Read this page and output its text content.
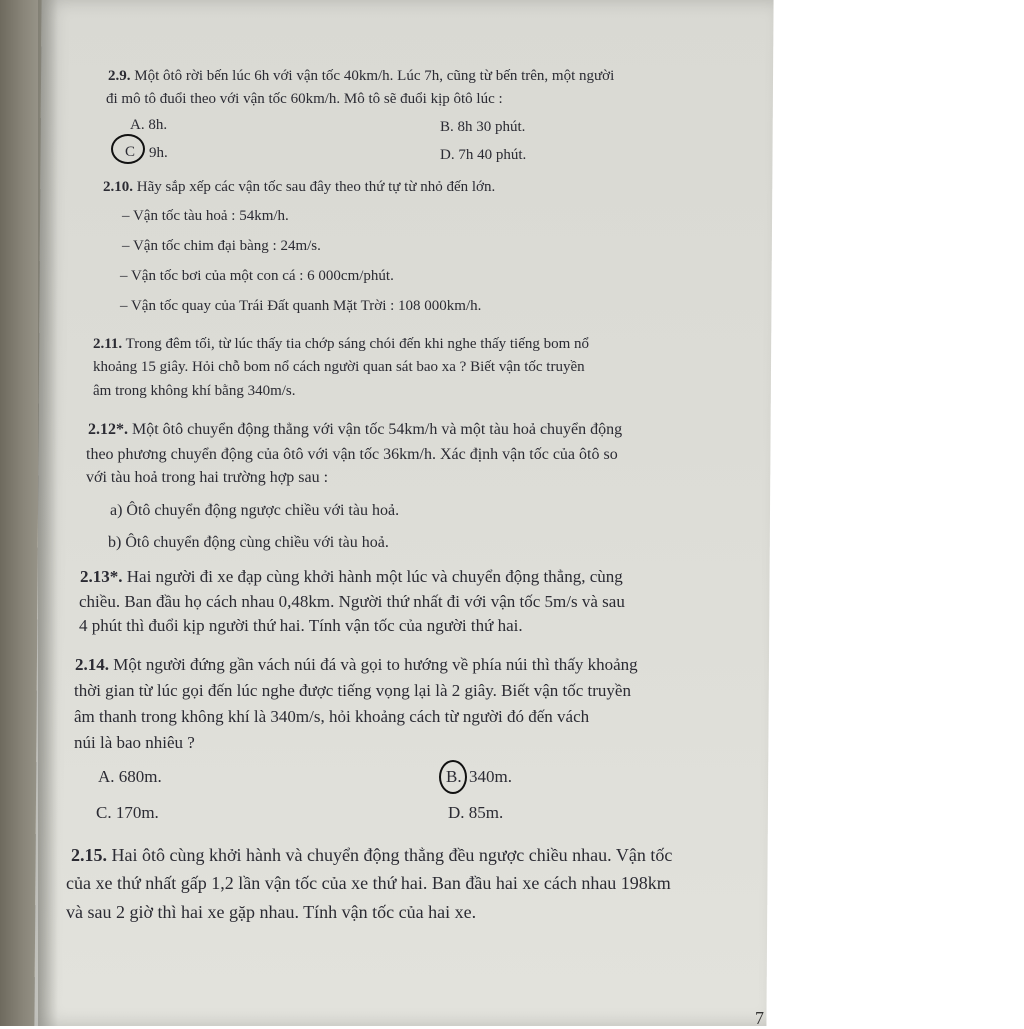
2.9. Một ôtô rời bến lúc 6h với vận tốc 40km/h. Lúc 7h, cũng từ bến trên, một người
đi mô tô đuổi theo với vận tốc 60km/h. Mô tô sẽ đuổi kịp ôtô lúc :
A. 8h.	B. 8h 30 phút.
C 9h.	D. 7h 40 phút.
2.10. Hãy sắp xếp các vận tốc sau đây theo thứ tự từ nhỏ đến lớn.
– Vận tốc tàu hoả : 54km/h.
– Vận tốc chim đại bàng : 24m/s.
– Vận tốc bơi của một con cá : 6 000cm/phút.
– Vận tốc quay của Trái Đất quanh Mặt Trời : 108 000km/h.
2.11. Trong đêm tối, từ lúc thấy tia chớp sáng chói đến khi nghe thấy tiếng bom nổ
khoảng 15 giây. Hỏi chỗ bom nổ cách người quan sát bao xa ? Biết vận tốc truyền
âm trong không khí bằng 340m/s.
2.12*. Một ôtô chuyển động thẳng với vận tốc 54km/h và một tàu hoả chuyển động
theo phương chuyển động của ôtô với vận tốc 36km/h. Xác định vận tốc của ôtô so
với tàu hoả trong hai trường hợp sau :
a) Ôtô chuyển động ngược chiều với tàu hoả.
b) Ôtô chuyển động cùng chiều với tàu hoả.
2.13*. Hai người đi xe đạp cùng khởi hành một lúc và chuyển động thẳng, cùng
chiều. Ban đầu họ cách nhau 0,48km. Người thứ nhất đi với vận tốc 5m/s và sau
4 phút thì đuổi kịp người thứ hai. Tính vận tốc của người thứ hai.
2.14. Một người đứng gần vách núi đá và gọi to hướng về phía núi thì thấy khoảng
thời gian từ lúc gọi đến lúc nghe được tiếng vọng lại là 2 giây. Biết vận tốc truyền
âm thanh trong không khí là 340m/s, hỏi khoảng cách từ người đó đến vách
núi là bao nhiêu ?
A. 680m.	B. 340m.
C. 170m.	D. 85m.
2.15. Hai ôtô cùng khởi hành và chuyển động thẳng đều ngược chiều nhau. Vận tốc
của xe thứ nhất gấp 1,2 lần vận tốc của xe thứ hai. Ban đầu hai xe cách nhau 198km
và sau 2 giờ thì hai xe gặp nhau. Tính vận tốc của hai xe.
7
